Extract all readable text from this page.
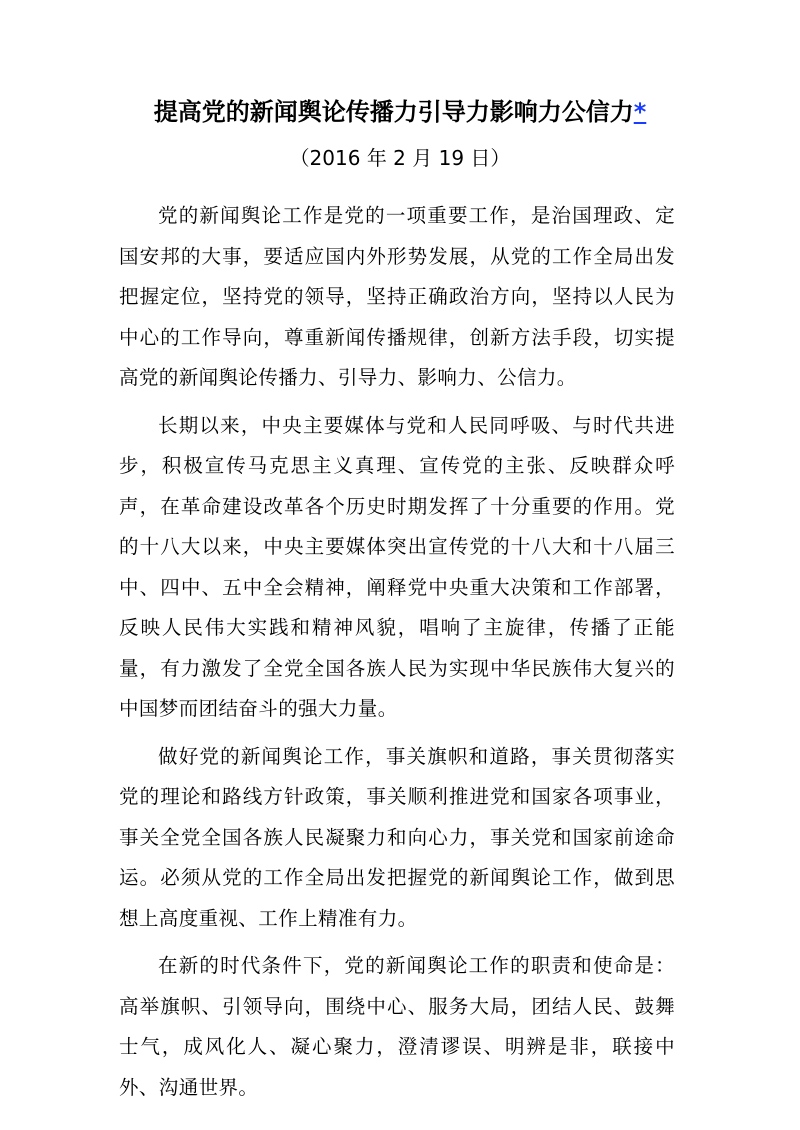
提高党的新闻舆论传播力引导力影响力公信力*
（2016 年 2 月 19 日）

党的新闻舆论工作是党的一项重要工作，是治国理政、定国安邦的大事，要适应国内外形势发展，从党的工作全局出发把握定位，坚持党的领导，坚持正确政治方向，坚持以人民为中心的工作导向，尊重新闻传播规律，创新方法手段，切实提高党的新闻舆论传播力、引导力、影响力、公信力。

长期以来，中央主要媒体与党和人民同呼吸、与时代共进步，积极宣传马克思主义真理、宣传党的主张、反映群众呼声，在革命建设改革各个历史时期发挥了十分重要的作用。党的十八大以来，中央主要媒体突出宣传党的十八大和十八届三中、四中、五中全会精神，阐释党中央重大决策和工作部署，反映人民伟大实践和精神风貌，唱响了主旋律，传播了正能量，有力激发了全党全国各族人民为实现中华民族伟大复兴的中国梦而团结奋斗的强大力量。

做好党的新闻舆论工作，事关旗帜和道路，事关贯彻落实党的理论和路线方针政策，事关顺利推进党和国家各项事业，事关全党全国各族人民凝聚力和向心力，事关党和国家前途命运。必须从党的工作全局出发把握党的新闻舆论工作，做到思想上高度重视、工作上精准有力。

在新的时代条件下，党的新闻舆论工作的职责和使命是：高举旗帜、引领导向，围绕中心、服务大局，团结人民、鼓舞士气，成风化人、凝心聚力，澄清谬误、明辨是非，联接中外、沟通世界。
